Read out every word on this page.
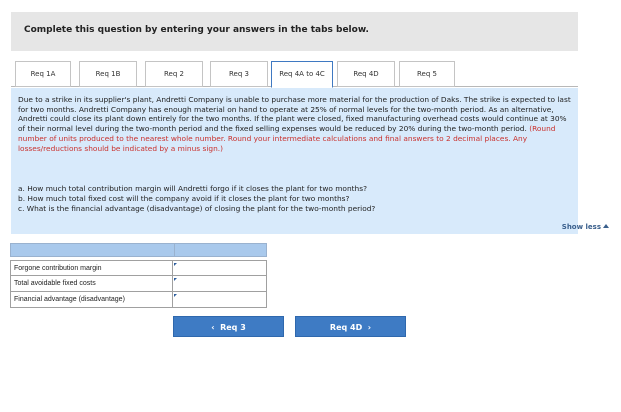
Complete this question by entering your answers in the tabs below.
Req 1A	Req 1B	Req 2	Req 3	Req 4A to 4C	Req 4D	Req 5
Due to a strike in its supplier's plant, Andretti Company is unable to purchase more material for the production of Daks. The strike is expected to last for two months. Andretti Company has enough material on hand to operate at 25% of normal levels for the two-month period. As an alternative, Andretti could close its plant down entirely for the two months. If the plant were closed, fixed manufacturing overhead costs would continue at 30% of their normal level during the two-month period and the fixed selling expenses would be reduced by 20% during the two-month period. (Round number of units produced to the nearest whole number. Round your intermediate calculations and final answers to 2 decimal places. Any losses/reductions should be indicated by a minus sign.)
a. How much total contribution margin will Andretti forgo if it closes the plant for two months?
b. How much total fixed cost will the company avoid if it closes the plant for two months?
c. What is the financial advantage (disadvantage) of closing the plant for the two-month period?
Show less
Forgone contribution margin
Total avoidable fixed costs
Financial advantage (disadvantage)
‹ Req 3	Req 4D ›
